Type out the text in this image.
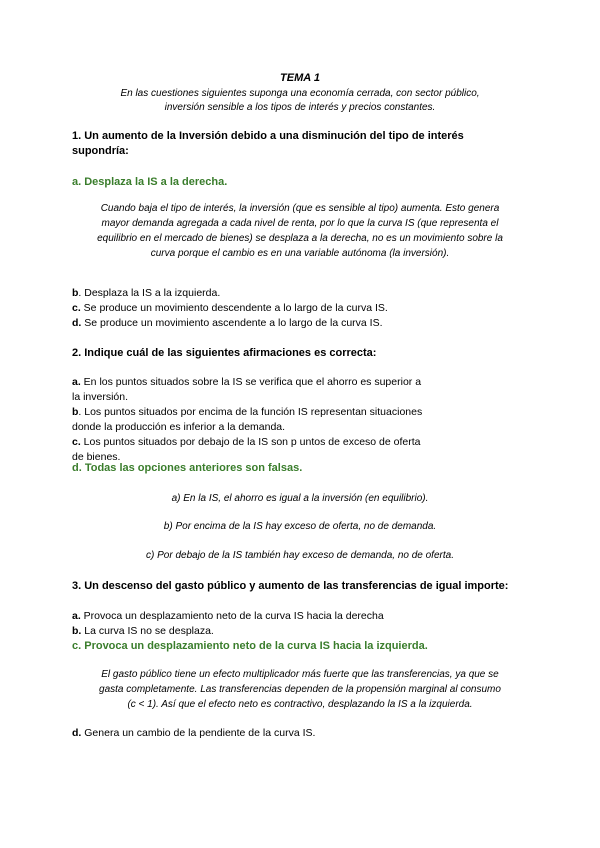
TEMA 1

En las cuestiones siguientes suponga una economía cerrada, con sector público,
inversión sensible a los tipos de interés y precios constantes.
1. Un aumento de la Inversión debido a una disminución del tipo de interés
supondría:
a. Desplaza la IS a la derecha.
Cuando baja el tipo de interés, la inversión (que es sensible al tipo) aumenta. Esto genera
mayor demanda agregada a cada nivel de renta, por lo que la curva IS (que representa el
equilibrio en el mercado de bienes) se desplaza a la derecha, no es un movimiento sobre la
curva porque el cambio es en una variable autónoma (la inversión).
b. Desplaza la IS a la izquierda.
c. Se produce un movimiento descendente a lo largo de la curva IS.
d. Se produce un movimiento ascendente a lo largo de la curva IS.
2. Indique cuál de las siguientes afirmaciones es correcta:
a. En los puntos situados sobre la IS se verifica que el ahorro es superior a
la inversión.
b. Los puntos situados por encima de la función IS representan situaciones
donde la producción es inferior a la demanda.
c. Los puntos situados por debajo de la IS son p untos de exceso de oferta
de bienes.
d. Todas las opciones anteriores son falsas.
a) En la IS, el ahorro es igual a la inversión (en equilibrio).
b) Por encima de la IS hay exceso de oferta, no de demanda.
c) Por debajo de la IS también hay exceso de demanda, no de oferta.
3. Un descenso del gasto público y aumento de las transferencias de igual importe:
a. Provoca un desplazamiento neto de la curva IS hacia la derecha
b. La curva IS no se desplaza.
c. Provoca un desplazamiento neto de la curva IS hacia la izquierda.
El gasto público tiene un efecto multiplicador más fuerte que las transferencias, ya que se
gasta completamente. Las transferencias dependen de la propensión marginal al consumo
(c < 1). Así que el efecto neto es contractivo, desplazando la IS a la izquierda.
d. Genera un cambio de la pendiente de la curva IS.
